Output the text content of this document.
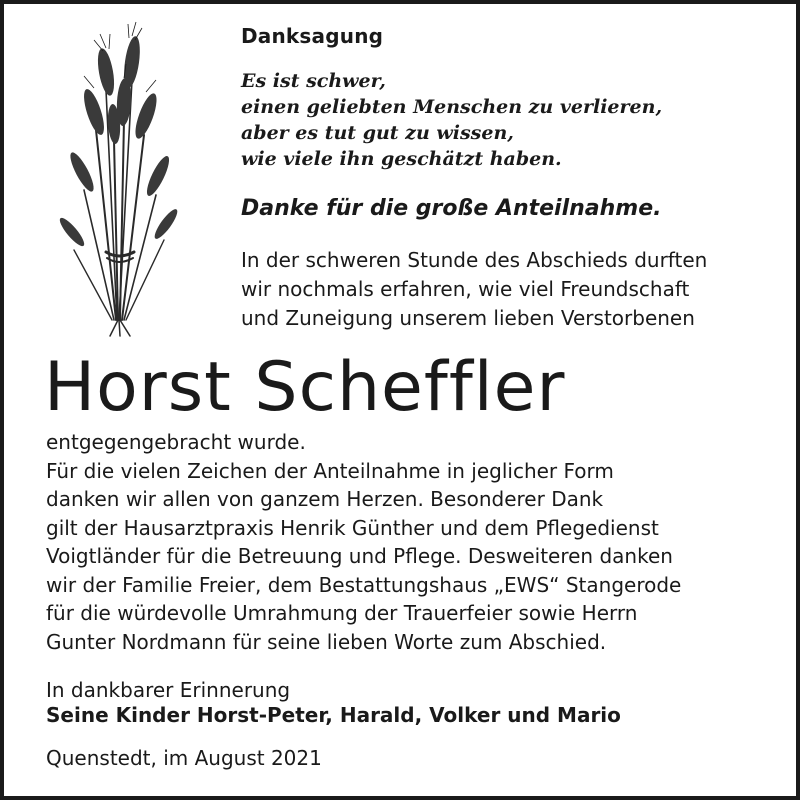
Danksagung
Es ist schwer,
einen geliebten Menschen zu verlieren,
aber es tut gut zu wissen,
wie viele ihn geschätzt haben.
Danke für die große Anteilnahme.
In der schweren Stunde des Abschieds durften
wir nochmals erfahren, wie viel Freundschaft
und Zuneigung unserem lieben Verstorbenen
Horst Scheffler
entgegengebracht wurde.
Für die vielen Zeichen der Anteilnahme in jeglicher Form
danken wir allen von ganzem Herzen. Besonderer Dank
gilt der Hausarztpraxis Henrik Günther und dem Pflegedienst
Voigtländer für die Betreuung und Pflege. Desweiteren danken
wir der Familie Freier, dem Bestattungshaus „EWS“ Stangerode
für die würdevolle Umrahmung der Trauerfeier sowie Herrn
Gunter Nordmann für seine lieben Worte zum Abschied.
In dankbarer Erinnerung
Seine Kinder Horst-Peter, Harald, Volker und Mario
Quenstedt, im August 2021
